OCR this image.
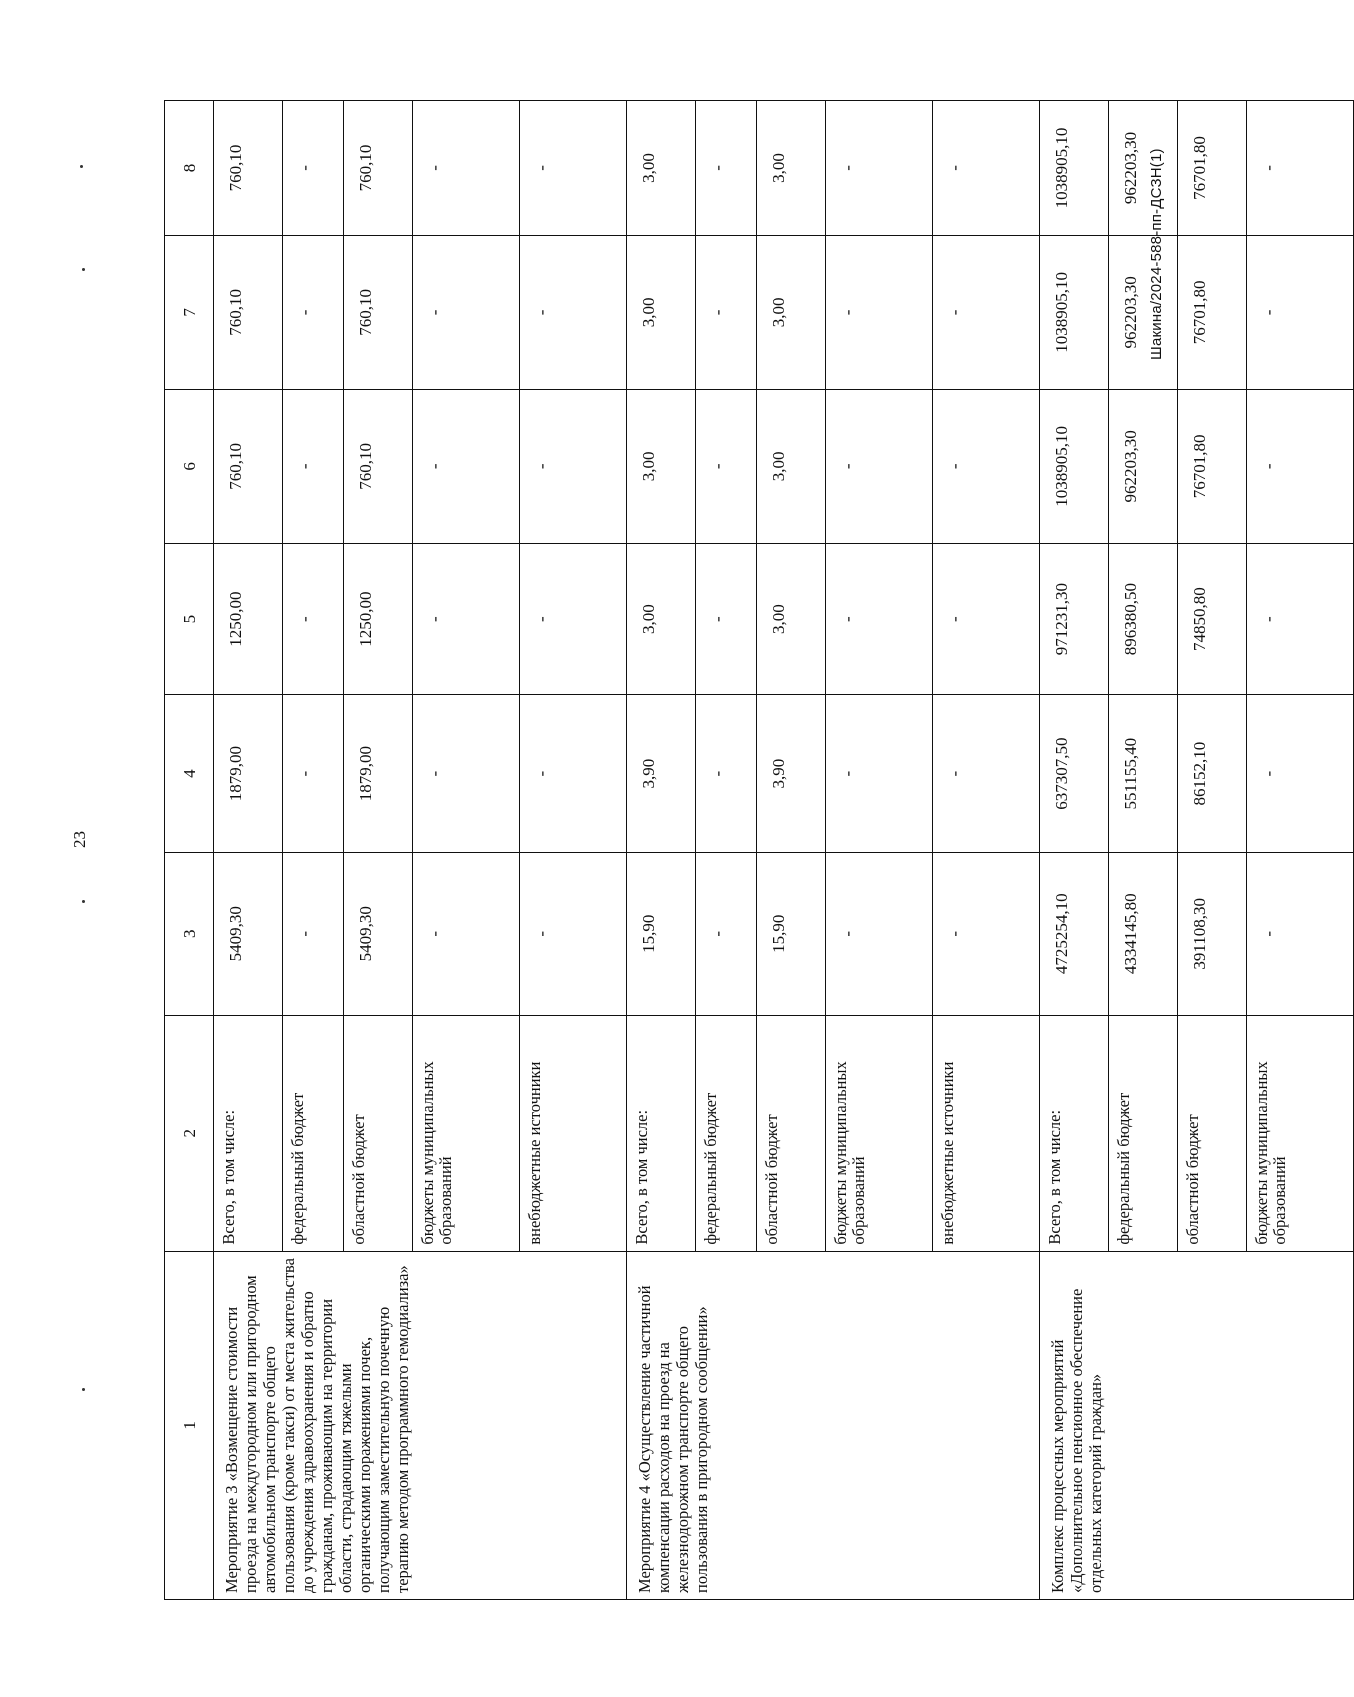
23
Шакина/2024-588-пп-ДСЗН(1)
1	2	3	4	5	6	7	8
Мероприятие 3 «Возмещение стоимости проезда на междугородном или пригородном автомобильном транспорте общего пользования (кроме такси) от места жительства до учреждения здравоохранения и обратно гражданам, проживающим на территории области, страдающим тяжелыми органическими поражениями почек, получающим заместительную почечную терапию методом программного гемодиализа»	Всего, в том числе:	5409,30	1879,00	1250,00	760,10	760,10	760,10
	федеральный бюджет	-	-	-	-	-	-
	областной бюджет	5409,30	1879,00	1250,00	760,10	760,10	760,10
	бюджеты муниципальных образований	-	-	-	-	-	-
	внебюджетные источники	-	-	-	-	-	-
Мероприятие 4 «Осуществление частичной компенсации расходов на проезд на железнодорожном транспорте общего пользования в пригородном сообщении»	Всего, в том числе:	15,90	3,90	3,00	3,00	3,00	3,00
	федеральный бюджет	-	-	-	-	-	-
	областной бюджет	15,90	3,90	3,00	3,00	3,00	3,00
	бюджеты муниципальных образований	-	-	-	-	-	-
	внебюджетные источники	-	-	-	-	-	-
Комплекс процессных мероприятий «Дополнительное пенсионное обеспечение отдельных категорий граждан»	Всего, в том числе:	4725254,10	637307,50	971231,30	1038905,10	1038905,10	1038905,10
	федеральный бюджет	4334145,80	551155,40	896380,50	962203,30	962203,30	962203,30
	областной бюджет	391108,30	86152,10	74850,80	76701,80	76701,80	76701,80
	бюджеты муниципальных образований	-	-	-	-	-	-
